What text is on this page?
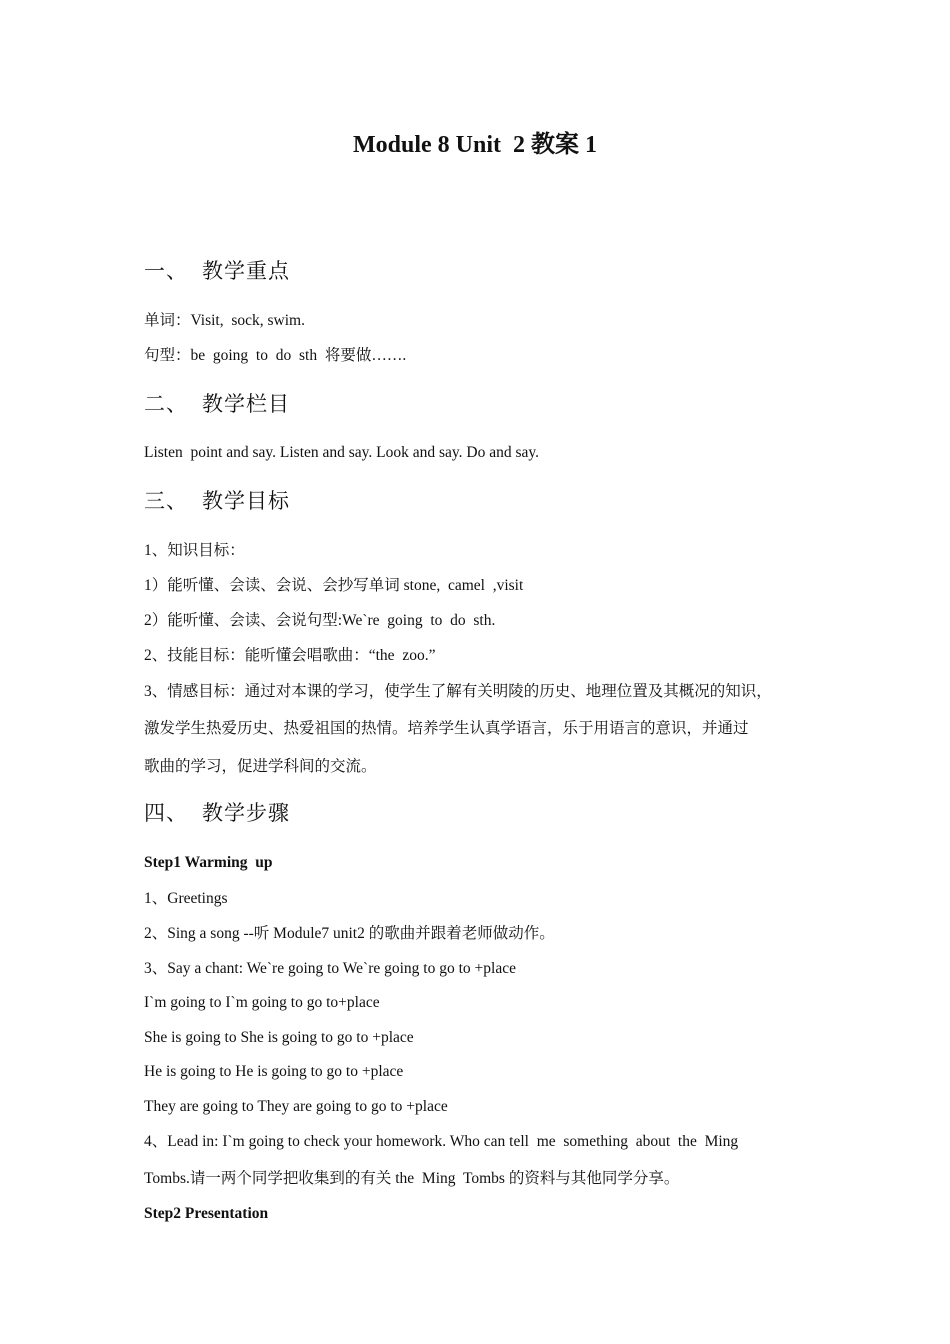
Module 8 Unit  2 教案 1
一、 教学重点
单词：Visit,  sock, swim.
句型：be  going  to  do  sth  将要做…….
二、 教学栏目
Listen  point and say. Listen and say. Look and say. Do and say.
三、 教学目标
1、知识目标：
1）能听懂、会读、会说、会抄写单词 stone,  camel  ,visit
2）能听懂、会读、会说句型:We`re  going  to  do  sth.
2、技能目标：能听懂会唱歌曲：“the  zoo.”
3、情感目标：通过对本课的学习，使学生了解有关明陵的历史、地理位置及其概况的知识，
激发学生热爱历史、热爱祖国的热情。培养学生认真学语言，乐于用语言的意识，并通过
歌曲的学习，促进学科间的交流。
四、 教学步骤
Step1 Warming  up
1、Greetings
2、Sing a song --听 Module7 unit2 的歌曲并跟着老师做动作。
3、Say a chant: We`re going to We`re going to go to +place
I`m going to I`m going to go to+place
She is going to She is going to go to +place
He is going to He is going to go to +place
They are going to They are going to go to +place
4、Lead in: I`m going to check your homework. Who can tell  me  something  about  the  Ming
Tombs.请一两个同学把收集到的有关 the  Ming  Tombs 的资料与其他同学分享。
Step2 Presentation
